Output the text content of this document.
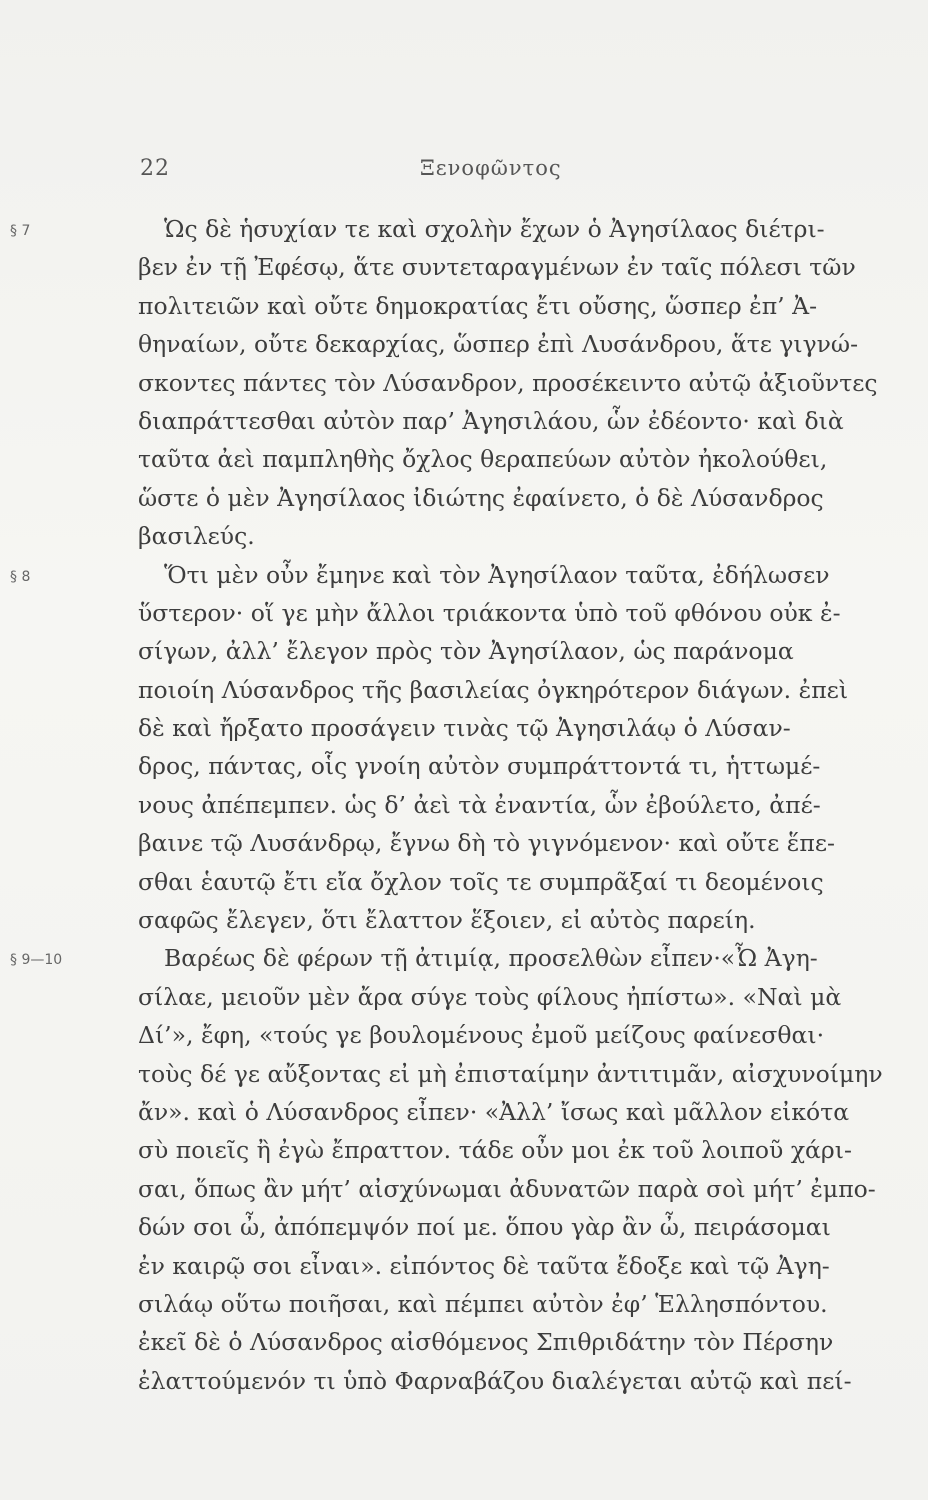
22	Ξενοφῶντος
§ 7	Ὡς δὲ ἡσυχίαν τε καὶ σχολὴν ἔχων ὁ Ἀγησίλαος διέτρι-
βεν ἐν τῇ Ἐφέσῳ, ἅτε συντεταραγμένων ἐν ταῖς πόλεσι τῶν
πολιτειῶν καὶ οὔτε δημοκρατίας ἔτι οὔσης, ὥσπερ ἐπ’ Ἀ-
θηναίων, οὔτε δεκαρχίας, ὥσπερ ἐπὶ Λυσάνδρου, ἅτε γιγνώ-
σκοντες πάντες τὸν Λύσανδρον, προσέκειντο αὐτῷ ἀξιοῦντες
διαπράττεσθαι αὐτὸν παρ’ Ἀγησιλάου, ὧν ἐδέοντο· καὶ διὰ
ταῦτα ἀεὶ παμπληθὴς ὄχλος θεραπεύων αὐτὸν ἠκολούθει,
ὥστε ὁ μὲν Ἀγησίλαος ἰδιώτης ἐφαίνετο, ὁ δὲ Λύσανδρος
βασιλεύς.
§ 8	Ὅτι μὲν οὖν ἔμηνε καὶ τὸν Ἀγησίλαον ταῦτα, ἐδήλωσεν
ὕστερον· οἵ γε μὴν ἄλλοι τριάκοντα ὑπὸ τοῦ φθόνου οὐκ ἐ-
σίγων, ἀλλ’ ἔλεγον πρὸς τὸν Ἀγησίλαον, ὡς παράνομα
ποιοίη Λύσανδρος τῆς βασιλείας ὀγκηρότερον διάγων. ἐπεὶ
δὲ καὶ ἤρξατο προσάγειν τινὰς τῷ Ἀγησιλάῳ ὁ Λύσαν-
δρος, πάντας, οἷς γνοίη αὐτὸν συμπράττοντά τι, ἡττωμέ-
νους ἀπέπεμπεν. ὡς δ’ ἀεὶ τὰ ἐναντία, ὧν ἐβούλετο, ἀπέ-
βαινε τῷ Λυσάνδρῳ, ἔγνω δὴ τὸ γιγνόμενον· καὶ οὔτε ἕπε-
σθαι ἑαυτῷ ἔτι εἴα ὄχλον τοῖς τε συμπρᾶξαί τι δεομένοις
σαφῶς ἔλεγεν, ὅτι ἔλαττον ἕξοιεν, εἰ αὐτὸς παρείη.
§ 9—10	Βαρέως δὲ φέρων τῇ ἀτιμίᾳ, προσελθὼν εἶπεν·«Ὦ Ἀγη-
σίλαε, μειοῦν μὲν ἄρα σύγε τοὺς φίλους ἠπίστω». «Ναὶ μὰ
Δί’», ἔφη, «τούς γε βουλομένους ἐμοῦ μείζους φαίνεσθαι·
τοὺς δέ γε αὔξοντας εἰ μὴ ἐπισταίμην ἀντιτιμᾶν, αἰσχυνοίμην
ἄν». καὶ ὁ Λύσανδρος εἶπεν· «Ἀλλ’ ἴσως καὶ μᾶλλον εἰκότα
σὺ ποιεῖς ἢ ἐγὼ ἔπραττον. τάδε οὖν μοι ἐκ τοῦ λοιποῦ χάρι-
σαι, ὅπως ἂν μήτ’ αἰσχύνωμαι ἀδυνατῶν παρὰ σοὶ μήτ’ ἐμπο-
δών σοι ὦ, ἀπόπεμψόν ποί με. ὅπου γὰρ ἂν ὦ, πειράσομαι
ἐν καιρῷ σοι εἶναι». εἰπόντος δὲ ταῦτα ἔδοξε καὶ τῷ Ἀγη-
σιλάῳ οὕτω ποιῆσαι, καὶ πέμπει αὐτὸν ἐφ’ Ἑλλησπόντου.
ἐκεῖ δὲ ὁ Λύσανδρος αἰσθόμενος Σπιθριδάτην τὸν Πέρσην
ἐλαττούμενόν τι ὑπὸ Φαρναβάζου διαλέγεται αὐτῷ καὶ πεί-
